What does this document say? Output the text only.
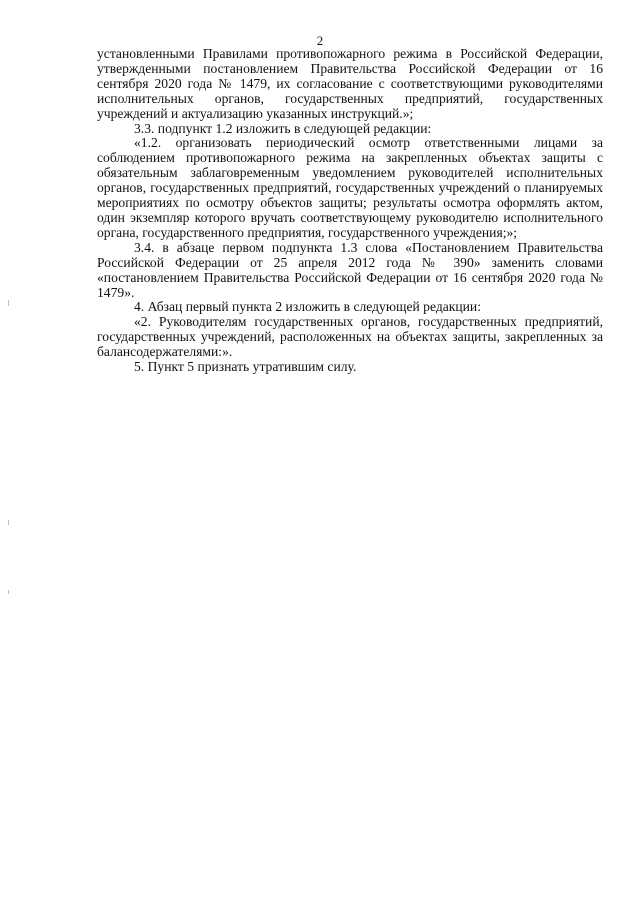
2

установленными Правилами противопожарного режима в Российской Федерации, утвержденными постановлением Правительства Российской Федерации от 16 сентября 2020 года № 1479, их согласование с соответствующими руководителями исполнительных органов, государственных предприятий, государственных учреждений и актуализацию указанных инструкций.»;

3.3. подпункт 1.2 изложить в следующей редакции:

«1.2. организовать периодический осмотр ответственными лицами за соблюдением противопожарного режима на закрепленных объектах защиты с обязательным заблаговременным уведомлением руководителей исполнительных органов, государственных предприятий, государственных учреждений о планируемых мероприятиях по осмотру объектов защиты; результаты осмотра оформлять актом, один экземпляр которого вручать соответствующему руководителю исполнительного органа, государственного предприятия, государственного учреждения;»;

3.4. в абзаце первом подпункта 1.3 слова «Постановлением Правительства Российской Федерации от 25 апреля 2012 года № 390» заменить словами «постановлением Правительства Российской Федерации от 16 сентября 2020 года № 1479».

4. Абзац первый пункта 2 изложить в следующей редакции:

«2. Руководителям государственных органов, государственных предприятий, государственных учреждений, расположенных на объектах защиты, закрепленных за балансодержателями:».

5. Пункт 5 признать утратившим силу.
